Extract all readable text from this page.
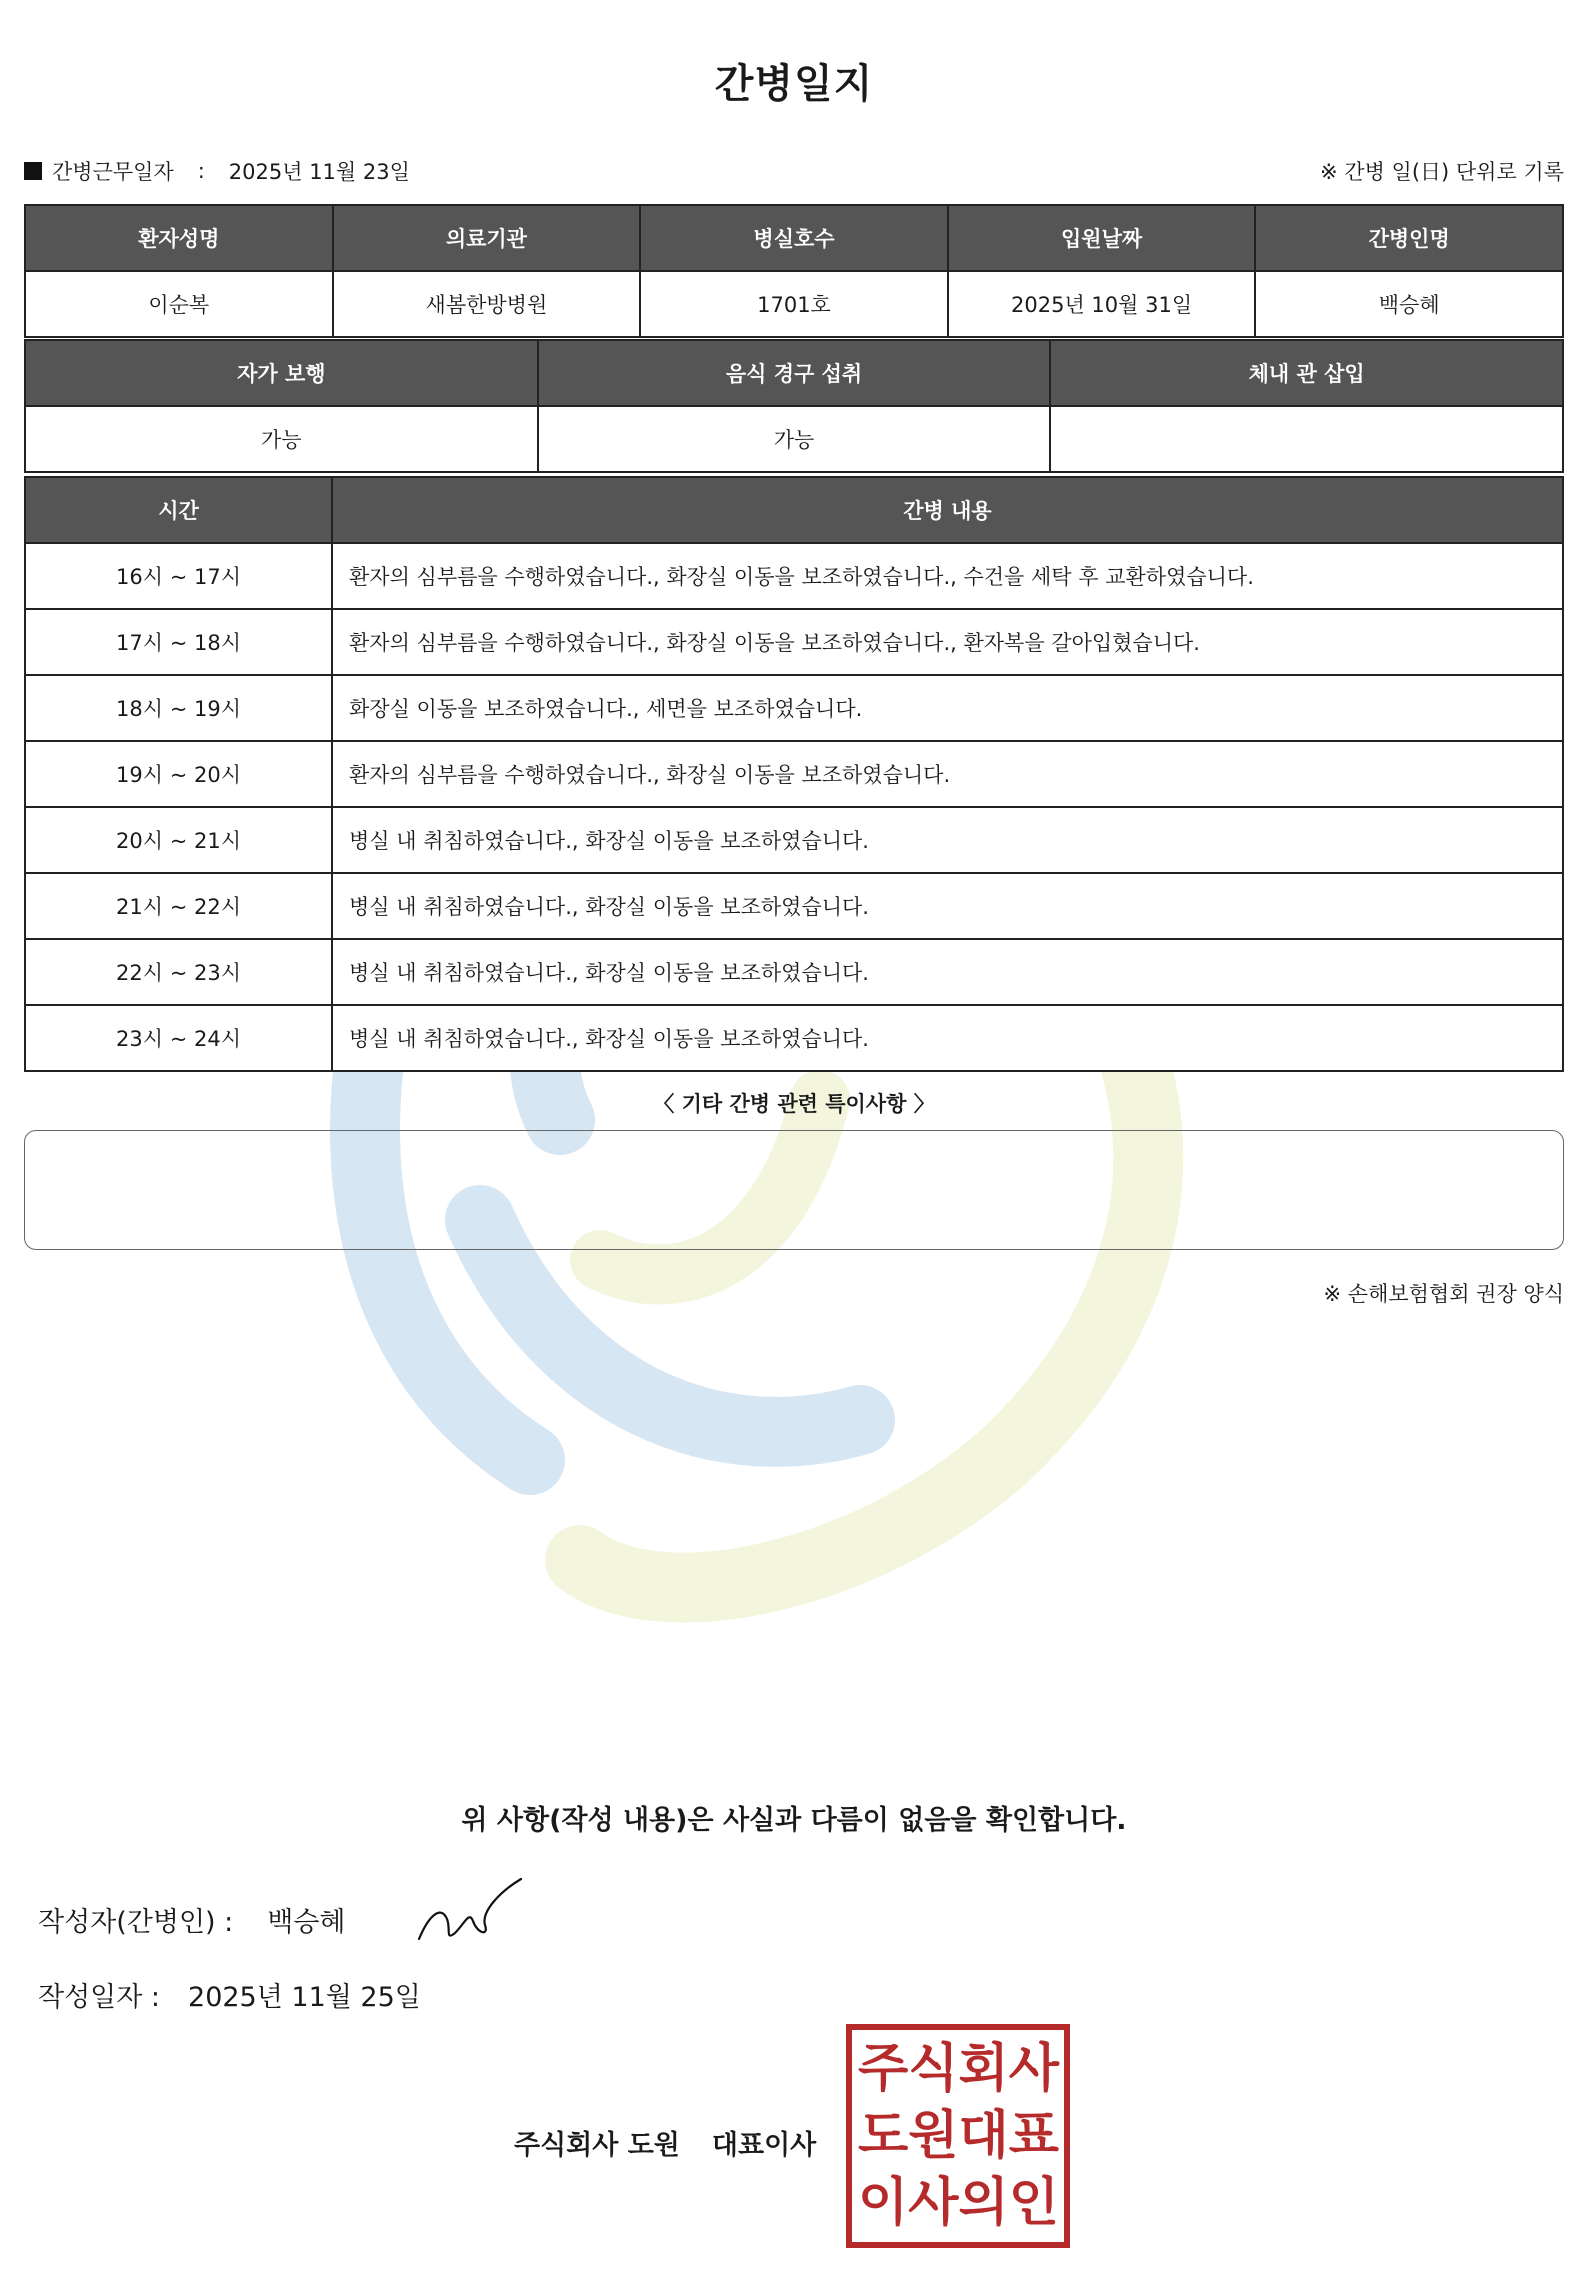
간병일지
간병근무일자 : 2025년 11월 23일	※ 간병 일(日) 단위로 기록
환자성명	의료기관	병실호수	입원날짜	간병인명
이순복	새봄한방병원	1701호	2025년 10월 31일	백승혜
자가 보행	음식 경구 섭취	체내 관 삽입
가능	가능	
시간	간병 내용
16시 ~ 17시	환자의 심부름을 수행하였습니다., 화장실 이동을 보조하였습니다., 수건을 세탁 후 교환하였습니다.
17시 ~ 18시	환자의 심부름을 수행하였습니다., 화장실 이동을 보조하였습니다., 환자복을 갈아입혔습니다.
18시 ~ 19시	화장실 이동을 보조하였습니다., 세면을 보조하였습니다.
19시 ~ 20시	환자의 심부름을 수행하였습니다., 화장실 이동을 보조하였습니다.
20시 ~ 21시	병실 내 취침하였습니다., 화장실 이동을 보조하였습니다.
21시 ~ 22시	병실 내 취침하였습니다., 화장실 이동을 보조하였습니다.
22시 ~ 23시	병실 내 취침하였습니다., 화장실 이동을 보조하였습니다.
23시 ~ 24시	병실 내 취침하였습니다., 화장실 이동을 보조하였습니다.
〈 기타 간병 관련 특이사항 〉
※ 손해보험협회 권장 양식
위 사항(작성 내용)은 사실과 다름이 없음을 확인합니다.
작성자(간병인) : 백승혜
작성일자 : 2025년 11월 25일
주식회사 도원 대표이사
주 식 회 사
도 원 대 표
이 사 의 인
